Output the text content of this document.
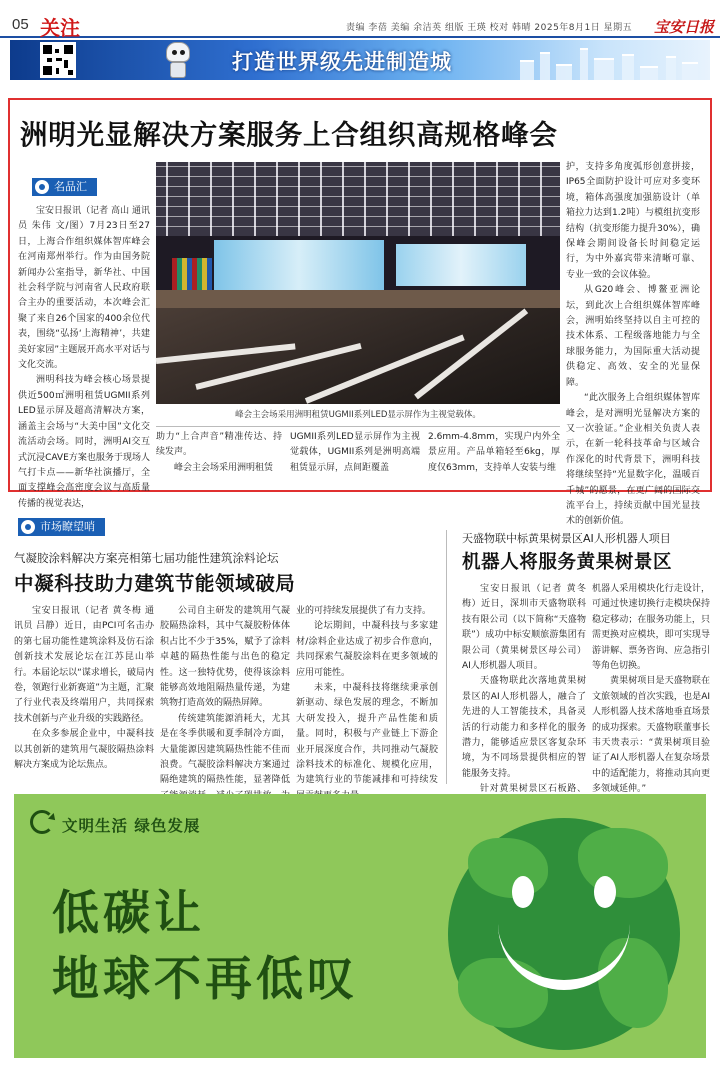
05 关注	责编 李蓓 美编 余洁英 组版 王瑛 校对 韩晴 2025年8月1日 星期五 宝安日报
打造世界级先进制造城
洲明光显解决方案服务上合组织高规格峰会
名品汇

宝安日报讯（记者 高山 通讯员 朱伟 文/图）7月23日至27日，上海合作组织媒体智库峰会在河南郑州举行。作为由国务院新闻办公室指导，新华社、中国社会科学院与河南省人民政府联合主办的重要活动，本次峰会汇聚了来自26个国家的400余位代表，围绕“弘扬‘上海精神’，共建美好家园”主题展开高水平对话与文化交流。

洲明科技为峰会核心场景提供近500㎡洲明租赁UGMII系列LED显示屏及超高清解决方案，涵盖主会场与“大美中国”文化交流活动会场。同时，洲明AI交互式沉浸CAVE方案也服务于现场人气打卡点——新华社演播厅，全面支撑峰会高密度会议与高质量传播的视觉表达，

峰会主会场采用洲明租赁UGMII系列LED显示屏作为主视觉载体。

助力“上合声音”精准传达、持续发声。

峰会主会场采用洲明租赁

UGMII系列LED显示屏作为主视觉载体，UGMII系列是洲明高端租赁显示屏，点间距覆盖

2.6mm-4.8mm，实现户内外全景应用。产品单箱轻至6kg，厚度仅63mm，支持单人安装与维

护，支持多角度弧形创意拼接，IP65全面防护设计可应对多变环境，箱体高强度加强筋设计（单箱拉力达到1.2吨）与模组抗变形结构（抗变形能力提升30%），确保峰会期间设备长时间稳定运行，为中外嘉宾带来清晰可靠、专业一致的会议体验。

从G20峰会、博鳌亚洲论坛，到此次上合组织媒体智库峰会，洲明始终坚持以自主可控的技术体系、工程级落地能力与全球服务能力，为国际重大活动提供稳定、高效、安全的光显保障。

“此次服务上合组织媒体智库峰会，是对洲明光显解决方案的又一次验证。”企业相关负责人表示，在新一轮科技革命与区域合作深化的时代背景下，洲明科技将继续坚持“光显数字化，温暖百千城”的愿景，在更广阔的国际交流平台上，持续贡献中国光显技术的创新价值。

市场瞭望哨
气凝胶涂料解决方案亮相第七届功能性建筑涂料论坛
中凝科技助力建筑节能领域破局

宝安日报讯（记者 黄冬梅 通讯员 吕静）近日，由PCI可名击办的第七届功能性建筑涂料及仿石涂创新技术发展论坛在江苏昆山举行。本届论坛以“谋求增长，破局内卷，领跑行业新赛道”为主题，汇聚了行业代表及终端用户，共同探索技术创新与产业升级的实践路径。

在众多参展企业中，中凝科技以其创新的建筑用气凝胶隔热涂料解决方案成为论坛焦点。

公司自主研发的建筑用气凝胶隔热涂料，其中气凝胶粉体体积占比不少于35%，赋予了涂料卓越的隔热性能与出色的稳定性。这一独特优势，使得该涂料能够高效地阻隔热量传递，为建筑物打造高效的隔热屏障。

传统建筑能源消耗大，尤其是在冬季供暖和夏季制冷方面，大量能源因建筑隔热性能不佳而浪费。气凝胶涂料解决方案通过隔绝建筑的隔热性能，显著降低

业的可持续发展提供了有力支持。

论坛期间，中凝科技与多家建材/涂料企业达成了初步合作意向，共同探索气凝胶涂料在更多领域的应用可能性。

未来，中凝科技将继续秉承创新驱动、绿色发展的理念，不断加大研发投入，提升产品性能和质量。同时，积极与产业链上下游企业开展深度合作，共同推动气凝胶涂料技术的标准化、规模化应用，为建筑行业的节能减排和可持续发

天盛物联中标黄果树景区AI人形机器人项目
机器人将服务黄果树景区

宝安日报讯（记者 黄冬梅）近日，深圳市天盛物联科技有限公司（以下简称“天盛物联”）成功中标安顺旅游集团有限公司（黄果树景区母公司）AI人形机器人项目。

天盛物联此次落地黄果树景区的AI人形机器人，融合了先进的人工智能技术，具备灵活的行动能力和多样化的服务潜力，能够适应景区客复杂环境，为不同场景提供相应的智能服务支持。

针对黄果树景区石板路、

机器人采用模块化行走设计，可通过快速切换行走模块保持稳定移动；在服务功能上，只需更换对应模块，即可实现导游讲解、票务咨询、应急指引等角色切换。

黄果树项目是天盛物联在文旅领域的首次实践，也是AI人形机器人技术落地垂直场景的成功探索。天盛物联董事长韦天贵表示：“黄果树项目验证了AI人形机器人在复杂场景中的适配能力，将推动其向更多领域延伸。”

文明生活 绿色发展
低碳让
地球不再低叹
